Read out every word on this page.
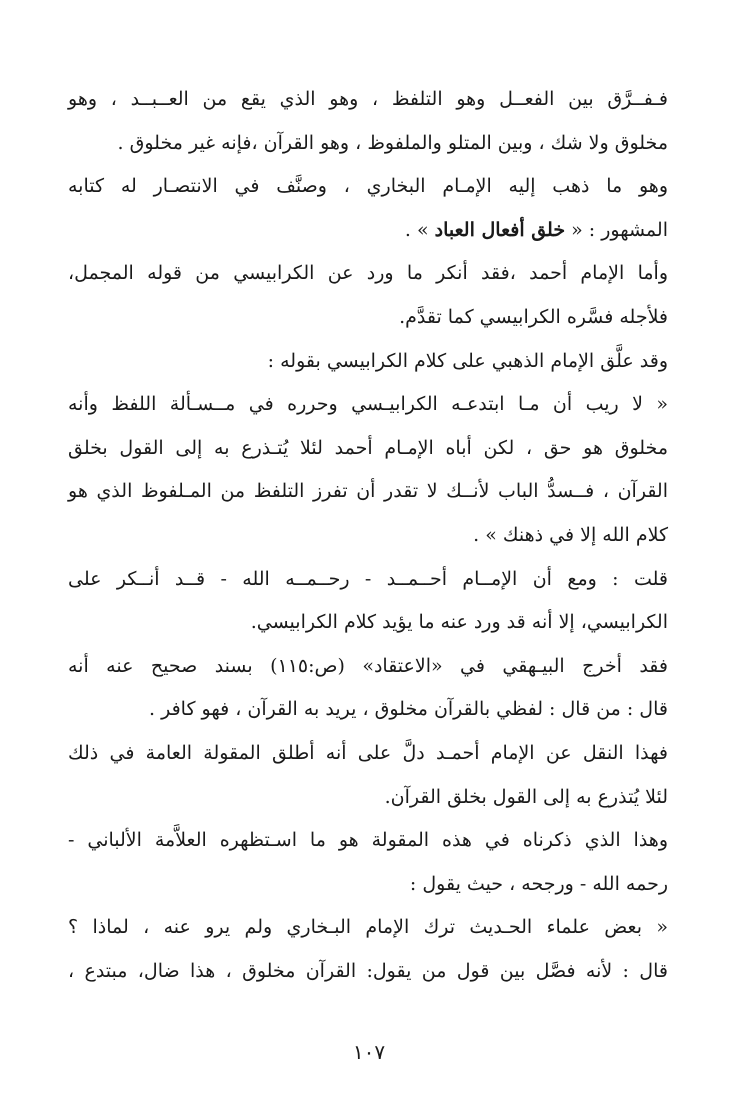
فـفــرَّق بين الفعــل وهو التلفظ ، وهو الذي يقع من العــبــد ، وهو
مخلوق ولا شك ، وبين المتلو والملفوظ ، وهو القرآن ،فإنه غير مخلوق .
وهو ما ذهب إليه الإمـام البخاري ، وصنَّف في الانتصـار له كتابه
المشهور : « خلق أفعال العباد » .
وأما الإمام أحمد ،فقد أنكر ما ورد عن الكرابيسي من قوله المجمل،
فلأجله فسَّره الكرابيسي كما تقدَّم.
وقد علَّق الإمام الذهبي على كلام الكرابيسي بقوله :
« لا ريب أن مـا ابتدعـه الكرابيـسي وحرره في مــسـألة اللفظ وأنه
مخلوق هو حق ، لكن أباه الإمـام أحمد لئلا يُتـذرع به إلى القول بخلق
القرآن ، فــسدُّ الباب لأنــك لا تقدر أن تفرز التلفظ من المـلفوظ الذي هو
كلام الله إلا في ذهنك » .
قلت : ومع أن الإمــام أحــمــد - رحــمــه الله - قــد أنــكر على
الكرابيسي، إلا أنه قد ورد عنه ما يؤيد كلام الكرابيسي.
فقد أخرج البيـهقي في «الاعتقاد» (ص:١١٥) بسند صحيح عنه أنه
قال : من قال : لفظي بالقرآن مخلوق ، يريد به القرآن ، فهو كافر .
فهذا النقل عن الإمام أحمـد دلَّ على أنه أطلق المقولة العامة في ذلك
لئلا يُتذرع به إلى القول بخلق القرآن.
وهذا الذي ذكرناه في هذه المقولة هو ما اسـتظهره العلاَّمة الألباني -
رحمه الله - ورجحه ، حيث يقول :
« بعض علماء الحـديث ترك الإمام البـخاري ولم يرو عنه ، لماذا ؟
قال : لأنه فصَّل بين قول من يقول: القرآن مخلوق ، هذا ضال، مبتدع ،
١٠٧
